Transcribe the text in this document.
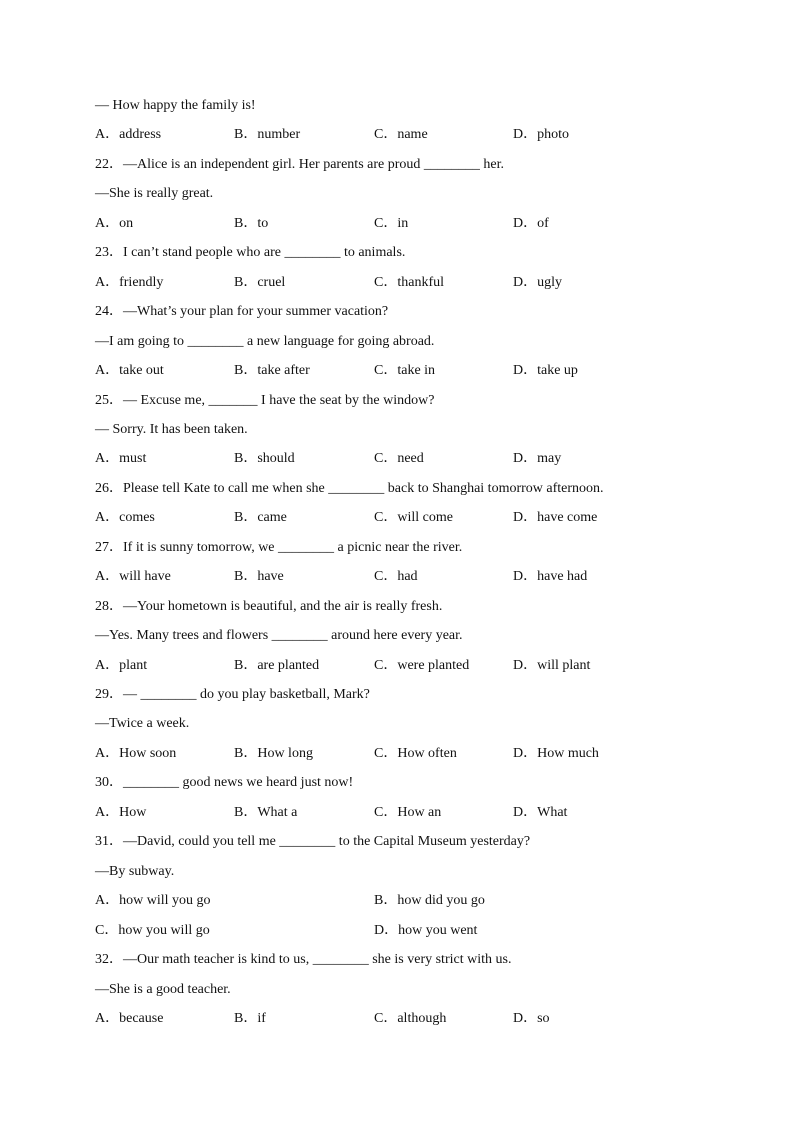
— How happy the family is!
A．address	B．number	C．name	D．photo
22．—Alice is an independent girl. Her parents are proud ________ her.
—She is really great.
A．on	B．to	C．in	D．of
23．I can’t stand people who are ________ to animals.
A．friendly	B．cruel	C．thankful	D．ugly
24．—What’s your plan for your summer vacation?
—I am going to ________ a new language for going abroad.
A．take out	B．take after	C．take in	D．take up
25．— Excuse me, _______ I have the seat by the window?
— Sorry. It has been taken.
A．must	B．should	C．need	D．may
26．Please tell Kate to call me when she ________ back to Shanghai tomorrow afternoon.
A．comes	B．came	C．will come	D．have come
27．If it is sunny tomorrow, we ________ a picnic near the river.
A．will have	B．have	C．had	D．have had
28．—Your hometown is beautiful, and the air is really fresh.
—Yes. Many trees and flowers ________ around here every year.
A．plant	B．are planted	C．were planted	D．will plant
29．— ________ do you play basketball, Mark?
—Twice a week.
A．How soon	B．How long	C．How often	D．How much
30．________ good news we heard just now!
A．How	B．What a	C．How an	D．What
31．—David, could you tell me ________ to the Capital Museum yesterday?
—By subway.
A．how will you go	B．how did you go
C．how you will go	D．how you went
32．—Our math teacher is kind to us, ________ she is very strict with us.
—She is a good teacher.
A．because	B．if	C．although	D．so
